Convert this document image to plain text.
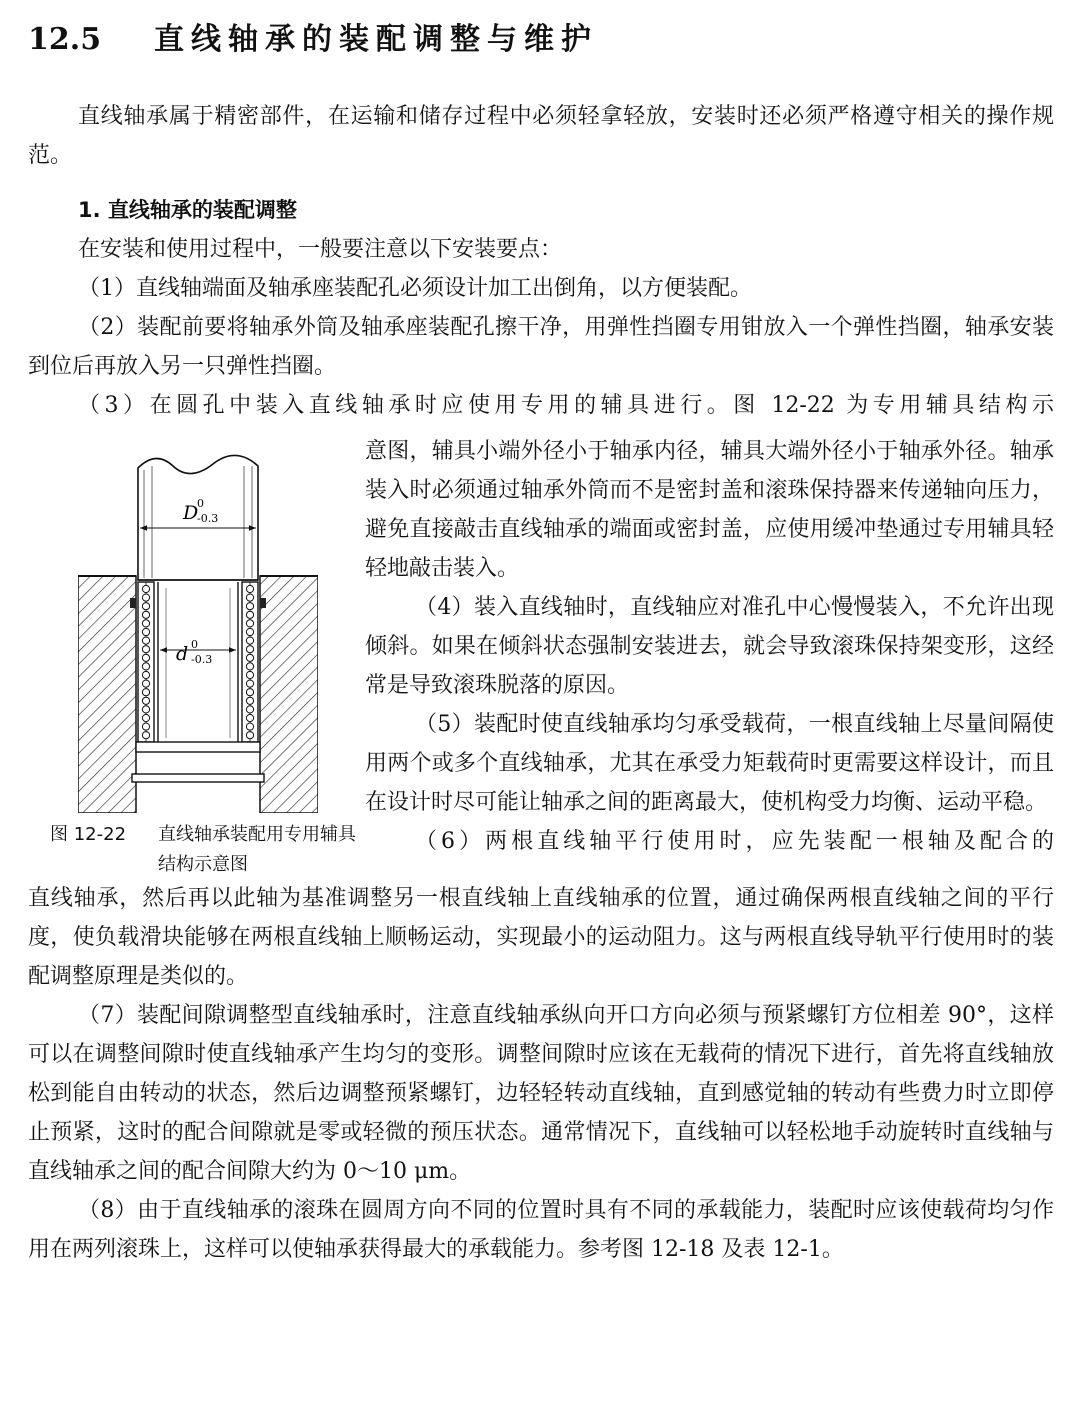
12.5 直线轴承的装配调整与维护

直线轴承属于精密部件，在运输和储存过程中必须轻拿轻放，安装时还必须严格遵守相关的操作规范。

1. 直线轴承的装配调整

在安装和使用过程中，一般要注意以下安装要点：

（1）直线轴端面及轴承座装配孔必须设计加工出倒角，以方便装配。

（2）装配前要将轴承外筒及轴承座装配孔擦干净，用弹性挡圈专用钳放入一个弹性挡圈，轴承安装到位后再放入另一只弹性挡圈。

（3）在圆孔中装入直线轴承时应使用专用的辅具进行。图 12-22 为专用辅具结构示

意图，辅具小端外径小于轴承内径，辅具大端外径小于轴承外径。轴承装入时必须通过轴承外筒而不是密封盖和滚珠保持器来传递轴向压力，避免直接敲击直线轴承的端面或密封盖，应使用缓冲垫通过专用辅具轻轻地敲击装入。

（4）装入直线轴时，直线轴应对准孔中心慢慢装入，不允许出现倾斜。如果在倾斜状态强制安装进去，就会导致滚珠保持架变形，这经常是导致滚珠脱落的原因。

（5）装配时使直线轴承均匀承受载荷，一根直线轴上尽量间隔使用两个或多个直线轴承，尤其在承受力矩载荷时更需要这样设计，而且在设计时尽可能让轴承之间的距离最大，使机构受力均衡、运动平稳。

（6）两根直线轴平行使用时，应先装配一根轴及配合的

直线轴承，然后再以此轴为基准调整另一根直线轴上直线轴承的位置，通过确保两根直线轴之间的平行度，使负载滑块能够在两根直线轴上顺畅运动，实现最小的运动阻力。这与两根直线导轨平行使用时的装配调整原理是类似的。

（7）装配间隙调整型直线轴承时，注意直线轴承纵向开口方向必须与预紧螺钉方位相差 90°，这样可以在调整间隙时使直线轴承产生均匀的变形。调整间隙时应该在无载荷的情况下进行，首先将直线轴放松到能自由转动的状态，然后边调整预紧螺钉，边轻轻转动直线轴，直到感觉轴的转动有些费力时立即停止预紧，这时的配合间隙就是零或轻微的预压状态。通常情况下，直线轴可以轻松地手动旋转时直线轴与直线轴承之间的配合间隙大约为 0～10 μm。

（8）由于直线轴承的滚珠在圆周方向不同的位置时具有不同的承载能力，装配时应该使载荷均匀作用在两列滚珠上，这样可以使轴承获得最大的承载能力。参考图 12-18 及表 12-1。

D
0
-0.3
d 0
-0.3
图 12-22 直线轴承装配用专用辅具结构示意图
